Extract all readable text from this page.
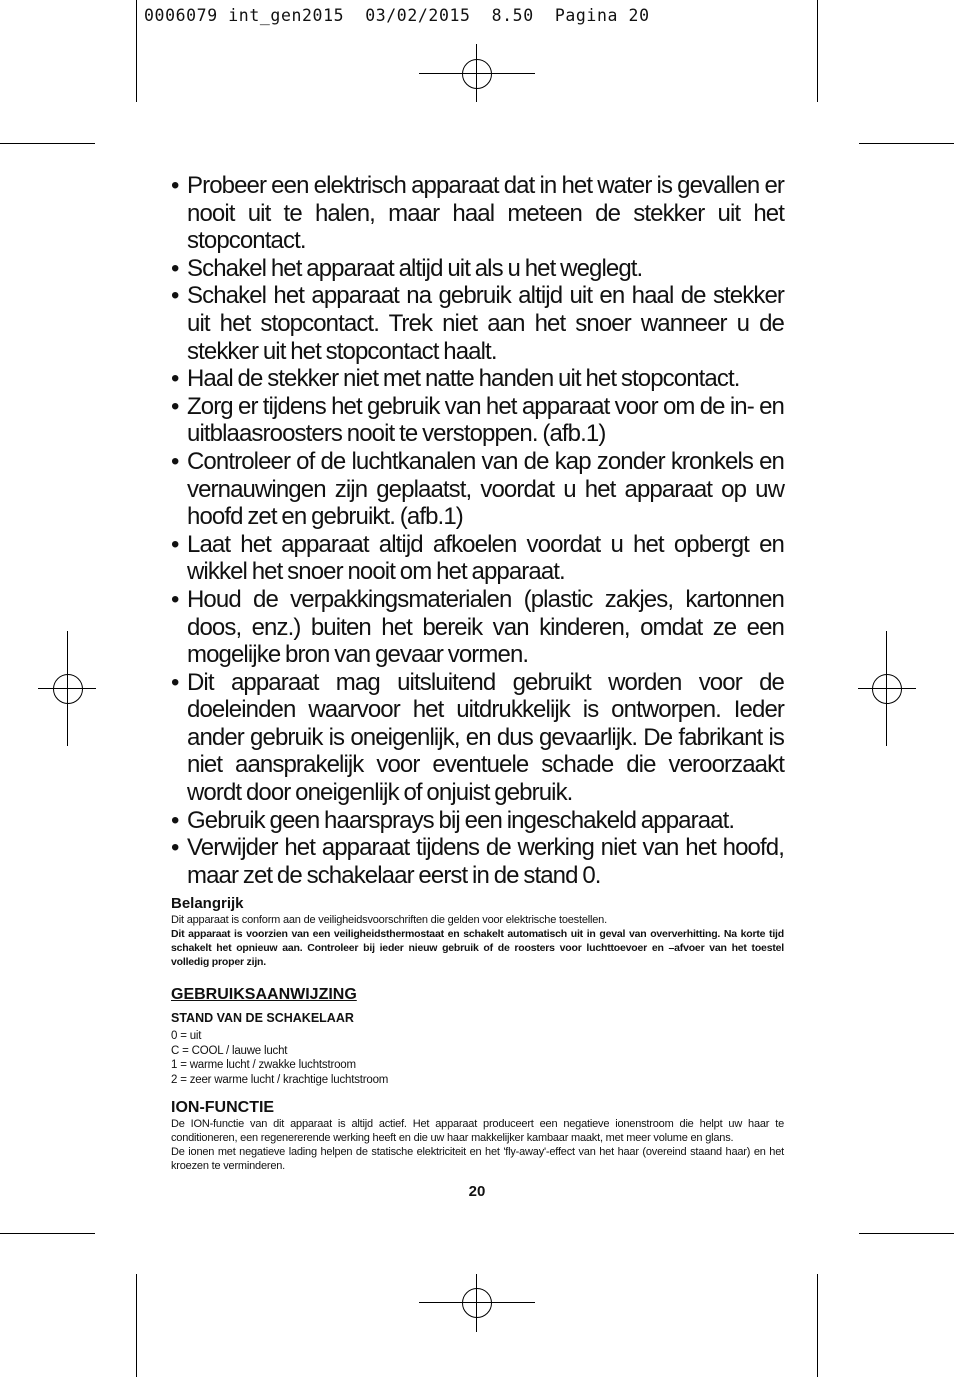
0006079 int_gen2015  03/02/2015  8.50  Pagina 20
• Probeer een elektrisch apparaat dat in het water is gevallen er nooit uit te halen, maar haal meteen de stekker uit het stopcontact.
• Schakel het apparaat altijd uit als u het weglegt.
• Schakel het apparaat na gebruik altijd uit en haal de stekker uit het stopcontact. Trek niet aan het snoer wanneer u de stekker uit het stopcontact haalt.
• Haal de stekker niet met natte handen uit het stopcontact.
• Zorg er tijdens het gebruik van het apparaat voor om de in- en uitblaasroosters nooit te verstoppen. (afb.1)
• Controleer of de luchtkanalen van de kap zonder kronkels en vernauwingen zijn geplaatst, voordat u het apparaat op uw hoofd zet en gebruikt. (afb.1)
• Laat het apparaat altijd afkoelen voordat u het opbergt en wikkel het snoer nooit om het apparaat.
• Houd de verpakkingsmaterialen (plastic zakjes, kartonnen doos, enz.) buiten het bereik van kinderen, omdat ze een mogelijke bron van gevaar vormen.
• Dit apparaat mag uitsluitend gebruikt worden voor de doeleinden waarvoor het uitdrukkelijk is ontworpen. Ieder ander gebruik is oneigenlijk, en dus gevaarlijk. De fabrikant is niet aansprakelijk voor eventuele schade die veroorzaakt wordt door oneigenlijk of onjuist gebruik.
• Gebruik geen haarsprays bij een ingeschakeld apparaat.
• Verwijder het apparaat tijdens de werking niet van het hoofd, maar zet de schakelaar eerst in de stand 0.
Belangrijk

Dit apparaat is conform aan de veiligheidsvoorschriften die gelden voor elektrische toestellen.

Dit apparaat is voorzien van een veiligheidsthermostaat en schakelt automatisch uit in geval van oververhitting. Na korte tijd schakelt het opnieuw aan. Controleer bij ieder nieuw gebruik of de roosters voor luchttoevoer en –afvoer van het toestel volledig proper zijn.

GEBRUIKSAANWIJZING
STAND VAN DE SCHAKELAAR
0 = uit
C = COOL / lauwe lucht
1 = warme lucht / zwakke luchtstroom
2 = zeer warme lucht / krachtige luchtstroom
ION-FUNCTIE

De ION-functie van dit apparaat is altijd actief. Het apparaat produceert een negatieve ionenstroom die helpt uw haar te conditioneren, een regenererende werking heeft en die uw haar makkelijker kambaar maakt, met meer volume en glans.

De ionen met negatieve lading helpen de statische elektriciteit en het 'fly-away'-effect van het haar (overeind staand haar) en het kroezen te verminderen.

20
